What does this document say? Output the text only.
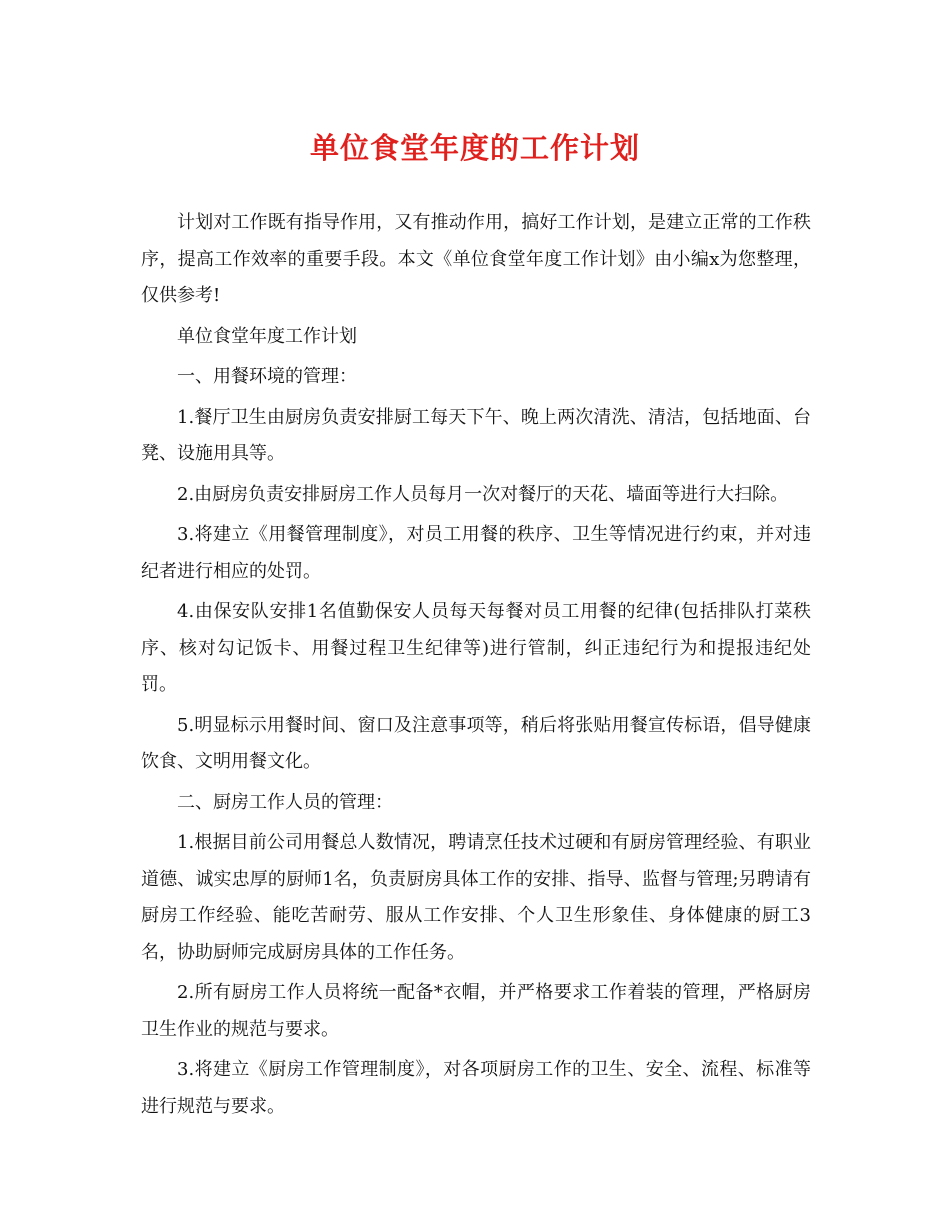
单位食堂年度的工作计划

计划对工作既有指导作用，又有推动作用，搞好工作计划，是建立正常的工作秩序，提高工作效率的重要手段。本文《单位食堂年度工作计划》由小编x为您整理，仅供参考!

单位食堂年度工作计划

一、用餐环境的管理：

1.餐厅卫生由厨房负责安排厨工每天下午、晚上两次清洗、清洁，包括地面、台凳、设施用具等。

2.由厨房负责安排厨房工作人员每月一次对餐厅的天花、墙面等进行大扫除。

3.将建立《用餐管理制度》，对员工用餐的秩序、卫生等情况进行约束，并对违纪者进行相应的处罚。

4.由保安队安排1名值勤保安人员每天每餐对员工用餐的纪律(包括排队打菜秩序、核对勾记饭卡、用餐过程卫生纪律等)进行管制，纠正违纪行为和提报违纪处罚。

5.明显标示用餐时间、窗口及注意事项等，稍后将张贴用餐宣传标语，倡导健康饮食、文明用餐文化。

二、厨房工作人员的管理：

1.根据目前公司用餐总人数情况，聘请烹任技术过硬和有厨房管理经验、有职业道德、诚实忠厚的厨师1名，负责厨房具体工作的安排、指导、监督与管理;另聘请有厨房工作经验、能吃苦耐劳、服从工作安排、个人卫生形象佳、身体健康的厨工3名，协助厨师完成厨房具体的工作任务。

2.所有厨房工作人员将统一配备*衣帽，并严格要求工作着装的管理，严格厨房卫生作业的规范与要求。

3.将建立《厨房工作管理制度》，对各项厨房工作的卫生、安全、流程、标准等进行规范与要求。
